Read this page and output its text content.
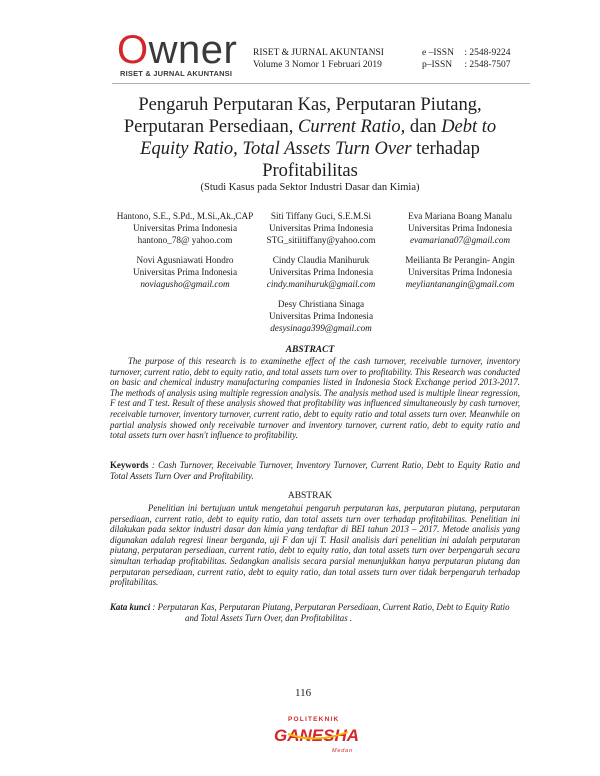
Owner
RISET & JURNAL AKUNTANSI
RISET & JURNAL AKUNTANSI
Volume 3 Nomor 1 Februari 2019
e –ISSN : 2548-9224
p–ISSN : 2548-7507
Pengaruh Perputaran Kas, Perputaran Piutang,
Perputaran Persediaan, Current Ratio, dan Debt to
Equity Ratio, Total Assets Turn Over terhadap
Profitabilitas
(Studi Kasus pada Sektor Industri Dasar dan Kimia)
Hantono, S.E., S.Pd., M.Si.,Ak.,CAP
Universitas Prima Indonesia
hantono_78@ yahoo.com
Siti Tiffany Guci, S.E.M.Si
Universitas Prima Indonesia
STG_sitiitiffany@yahoo.com
Eva Mariana Boang Manalu
Universitas Prima Indonesia
evamariana07@gmail.com
Novi Agusniawati Hondro
Universitas Prima Indonesia
noviagusho@gmail.com
Cindy Claudia Manihuruk
Universitas Prima Indonesia
cindy.manihuruk@gmail.com
Meilianta Br Perangin- Angin
Universitas Prima Indonesia
meyliantanangin@gmail.com
Desy Christiana Sinaga
Universitas Prima Indonesia
desysinaga399@gmail.com
ABSTRACT
The purpose of this research is to examinethe effect of the cash turnover, receivable turnover, inventory turnover, current ratio, debt to equity ratio, and total assets turn over to profitability. This Research was conducted on basic and chemical industry manufacturing companies listed in Indonesia Stock Exchange period 2013-2017. The methods of analysis using multiple regression analysis. The analysis method used is multiple linear regression, F test and T test. Result of these analysis showed that profitability was influenced simultaneously by cash turnover, receivable turnover, inventory turnover, current ratio, debt to equity ratio and total assets turn over. Meanwhile on partial analysis showed only receivable turnover and inventory turnover, current ratio, debt to equity ratio and total assets turn over hasn't influence to profitability.
Keywords : Cash Turnover, Receivable Turnover, Inventory Turnover, Current Ratio, Debt to Equity Ratio and Total Assets Turn Over and Profitability.
ABSTRAK
Penelitian ini bertujuan untuk mengetahui pengaruh perputaran kas, perputaran piutang, perputaran persediaan, current ratio, debt to equity ratio, dan total assets turn over terhadap profitabilitas. Penelitian ini dilakukan pada sektor industri dasar dan kimia yang terdaftar di BEI tahun 2013 – 2017. Metode analisis yang digunakan adalah regresi linear berganda, uji F dan uji T. Hasil analisis dari penelitian ini adalah perputaran piutang, perputaran persediaan, current ratio, debt to equity ratio, dan total assets turn over berpengaruh secara simultan terhadap profitabilitas. Sedangkan analisis secara parsial menunjukkan hanya perputaran piutang dan perputaran persediaan, current ratio, debt to equity ratio, dan total assets turn over tidak berpengaruh terhadap profitabilitas.
Kata kunci : Perputaran Kas, Perputaran Piutang, Perputaran Persediaan, Current Ratio, Debt to Equity Ratio and Total Assets Turn Over, dan Profitabilitas .
116
POLITEKNIK
GANESHA
Medan
